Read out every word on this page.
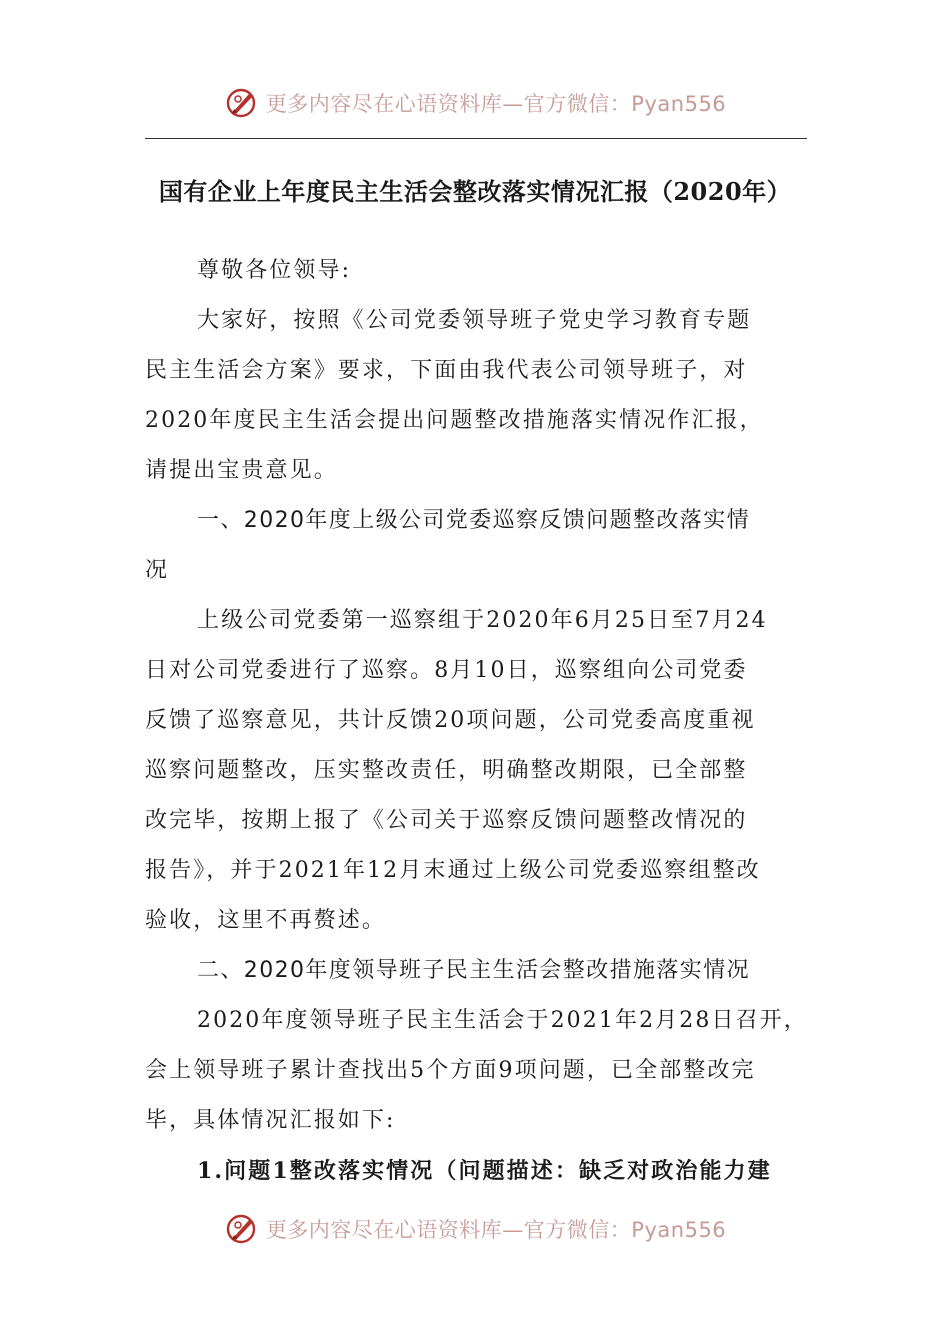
更多内容尽在心语资料库—官方微信：Pyan556
国有企业上年度民主生活会整改落实情况汇报（2020年）

尊敬各位领导:

大家好，按照《公司党委领导班子党史学习教育专题
民主生活会方案》要求，下面由我代表公司领导班子，对
2020年度民主生活会提出问题整改措施落实情况作汇报，
请提出宝贵意见。

一、2020年度上级公司党委巡察反馈问题整改落实情
况

上级公司党委第一巡察组于2020年6月25日至7月24
日对公司党委进行了巡察。8月10日，巡察组向公司党委
反馈了巡察意见，共计反馈20项问题，公司党委高度重视
巡察问题整改，压实整改责任，明确整改期限，已全部整
改完毕，按期上报了《公司关于巡察反馈问题整改情况的
报告》，并于2021年12月末通过上级公司党委巡察组整改
验收，这里不再赘述。

二、2020年度领导班子民主生活会整改措施落实情况

2020年度领导班子民主生活会于2021年2月28日召开，
会上领导班子累计查找出5个方面9项问题，已全部整改完
毕，具体情况汇报如下:

1.问题1整改落实情况（问题描述：缺乏对政治能力建

更多内容尽在心语资料库—官方微信：Pyan556
